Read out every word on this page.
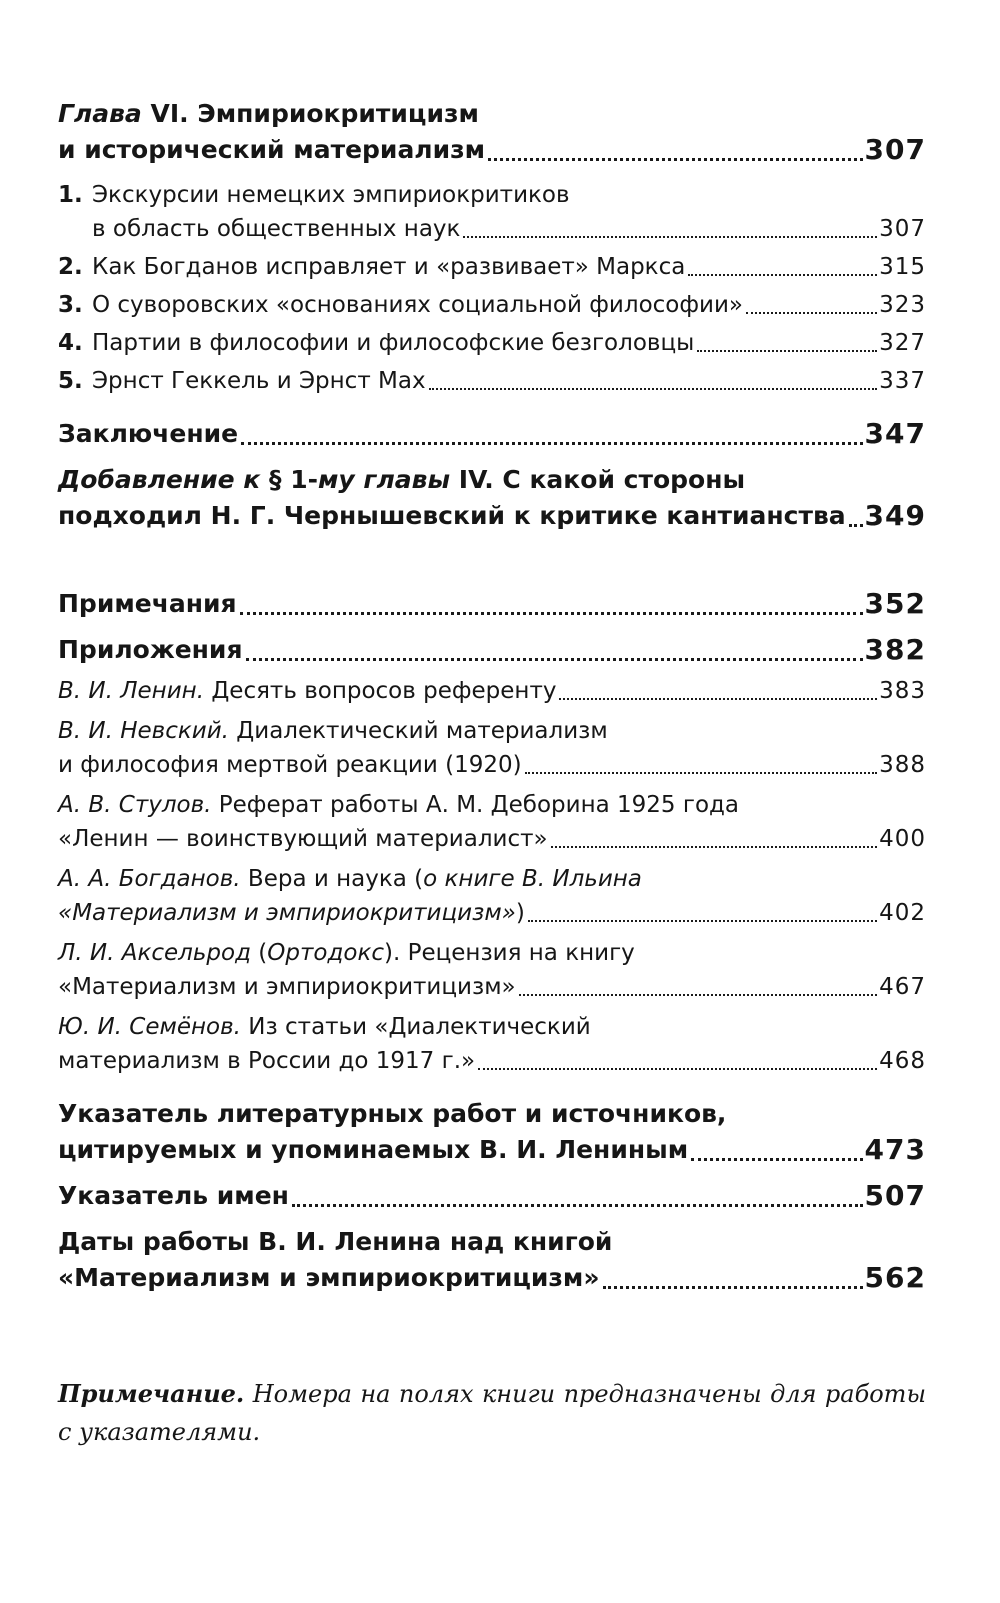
Глава VI. Эмпириокритицизм
и исторический материализм	307
1. Экскурсии немецких эмпириокритиков
в область общественных наук	307
2. Как Богданов исправляет и «развивает» Маркса	315
3. О суворовских «основаниях социальной философии»	323
4. Партии в философии и философские безголовцы	327
5. Эрнст Геккель и Эрнст Мах	337
Заключение	347
Добавление к § 1-му главы IV. С какой стороны
подходил Н. Г. Чернышевский к критике кантианства 349
Примечания	352
Приложения	382
В. И. Ленин. Десять вопросов референту	383
В. И. Невский. Диалектический материализм
и философия мертвой реакции (1920)	388
А. В. Стулов. Реферат работы А. М. Деборина 1925 года
«Ленин — воинствующий материалист»	400
А. А. Богданов. Вера и наука (о книге В. Ильина
«Материализм и эмпириокритицизм»)	402
Л. И. Аксельрод (Ортодокс). Рецензия на книгу
«Материализм и эмпириокритицизм»	467
Ю. И. Семёнов. Из статьи «Диалектический
материализм в России до 1917 г.»	468
Указатель литературных работ и источников,
цитируемых и упоминаемых В. И. Лениным	473
Указатель имен	507
Даты работы В. И. Ленина над книгой
«Материализм и эмпириокритицизм»	562
Примечание. Номера на полях книги предназначены для работы с указателями.
